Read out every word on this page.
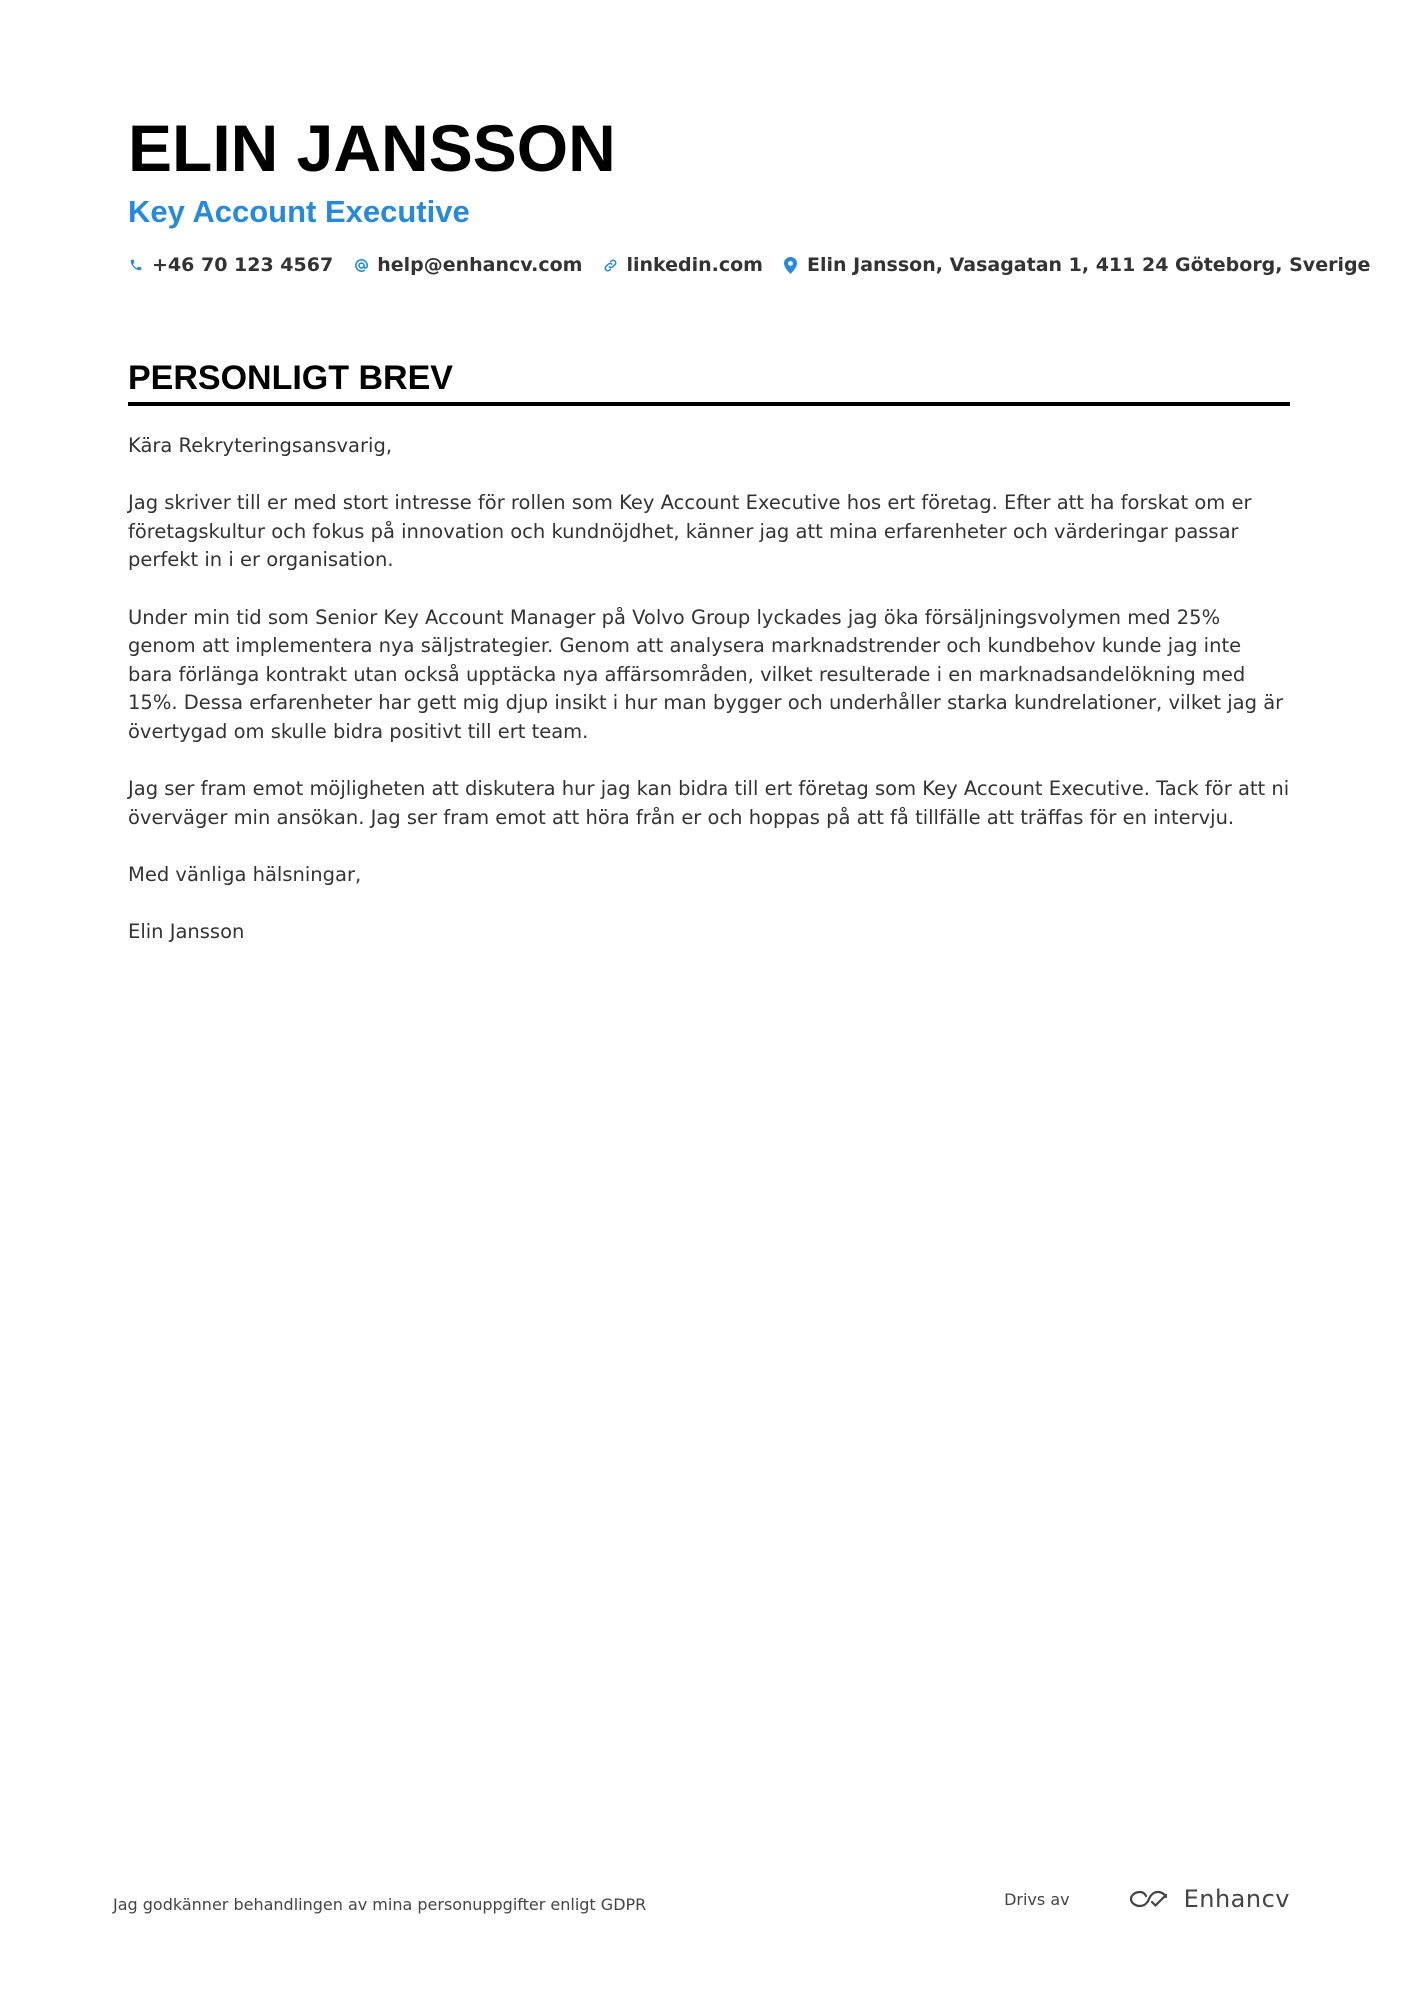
ELIN JANSSON
Key Account Executive
+46 70 123 4567 help@enhancv.com linkedin.com Elin Jansson, Vasagatan 1, 411 24 Göteborg, Sverige
PERSONLIGT BREV

Kära Rekryteringsansvarig,

Jag skriver till er med stort intresse för rollen som Key Account Executive hos ert företag. Efter att ha forskat om er företagskultur och fokus på innovation och kundnöjdhet, känner jag att mina erfarenheter och värderingar passar perfekt in i er organisation.

Under min tid som Senior Key Account Manager på Volvo Group lyckades jag öka försäljningsvolymen med 25% genom att implementera nya säljstrategier. Genom att analysera marknadstrender och kundbehov kunde jag inte bara förlänga kontrakt utan också upptäcka nya affärsområden, vilket resulterade i en marknadsandelökning med 15%. Dessa erfarenheter har gett mig djup insikt i hur man bygger och underhåller starka kundrelationer, vilket jag är övertygad om skulle bidra positivt till ert team.

Jag ser fram emot möjligheten att diskutera hur jag kan bidra till ert företag som Key Account Executive. Tack för att ni överväger min ansökan. Jag ser fram emot att höra från er och hoppas på att få tillfälle att träffas för en intervju.

Med vänliga hälsningar,

Elin Jansson

Jag godkänner behandlingen av mina personuppgifter enligt GDPR	Drivs av	Enhancv
